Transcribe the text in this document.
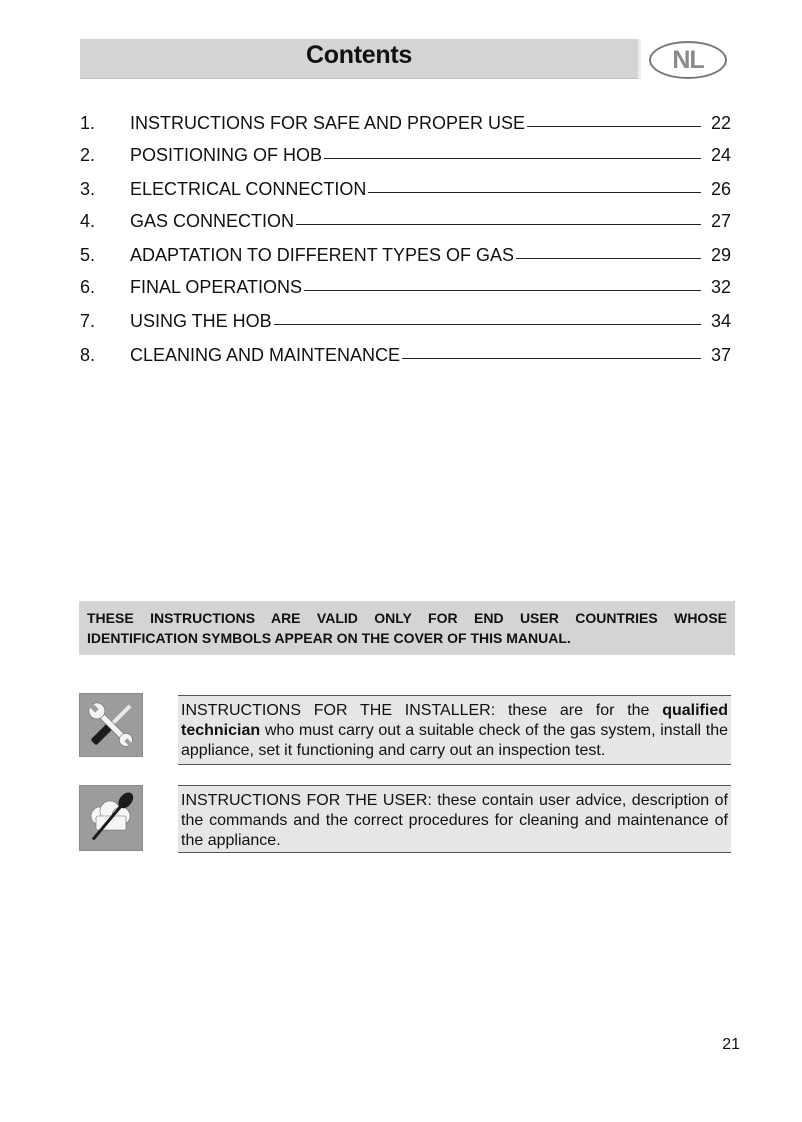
Contents	NL
1.	INSTRUCTIONS FOR SAFE AND PROPER USE	22
2.	POSITIONING OF HOB	24
3.	ELECTRICAL CONNECTION	26
4.	GAS CONNECTION	27
5.	ADAPTATION TO DIFFERENT TYPES OF GAS	29
6.	FINAL OPERATIONS	32
7.	USING THE HOB	34
8.	CLEANING AND MAINTENANCE	37
THESE INSTRUCTIONS ARE VALID ONLY FOR END USER COUNTRIES WHOSE IDENTIFICATION SYMBOLS APPEAR ON THE COVER OF THIS MANUAL.
INSTRUCTIONS FOR THE INSTALLER: these are for the qualified technician who must carry out a suitable check of the gas system, install the appliance, set it functioning and carry out an inspection test.
INSTRUCTIONS FOR THE USER: these contain user advice, description of the commands and the correct procedures for cleaning and maintenance of the appliance.
21
